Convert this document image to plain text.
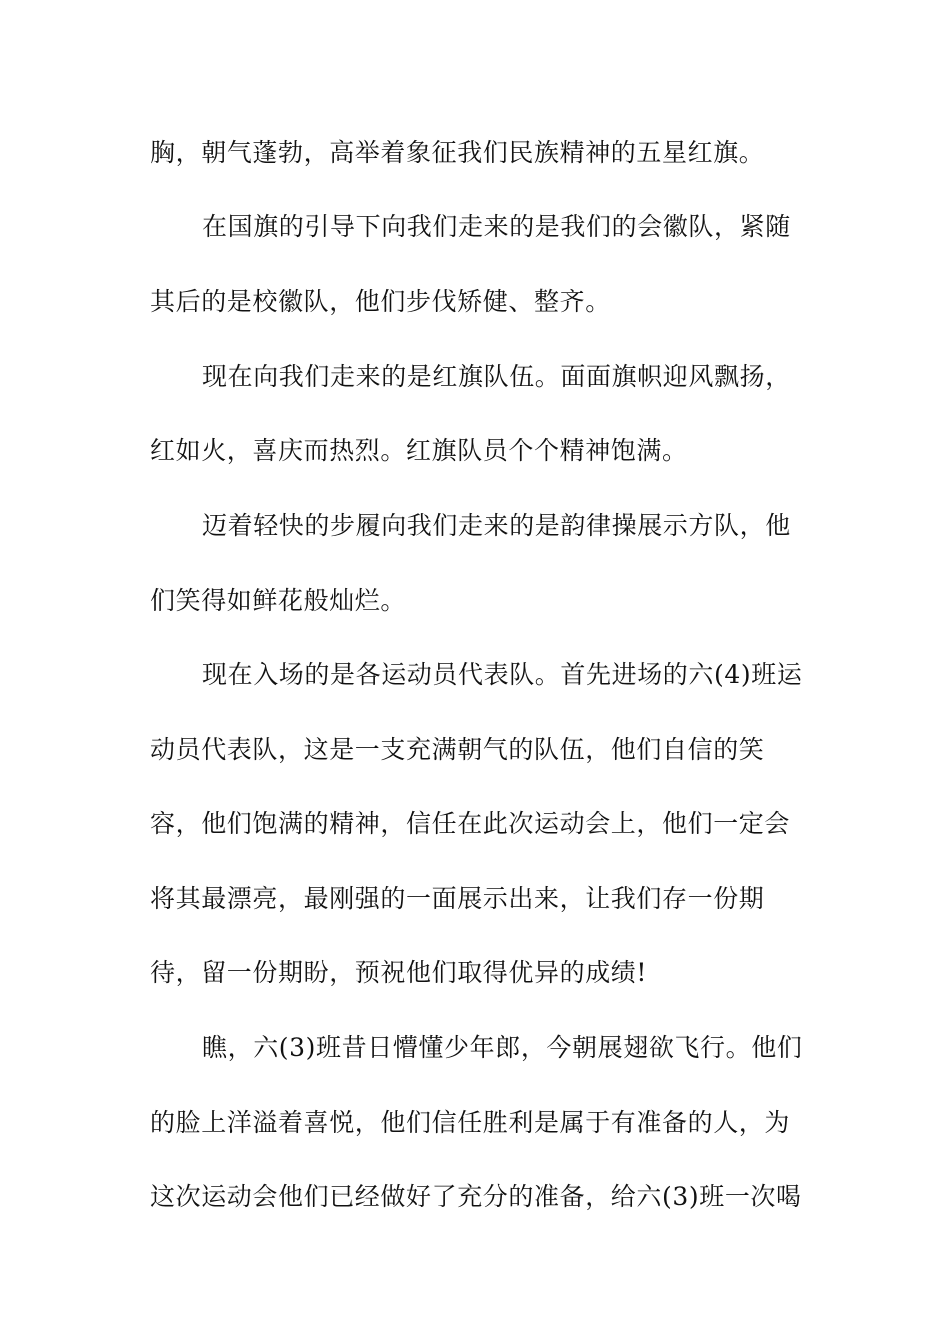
胸，朝气蓬勃，高举着象征我们民族精神的五星红旗。
在国旗的引导下向我们走来的是我们的会徽队，紧随
其后的是校徽队，他们步伐矫健、整齐。
现在向我们走来的是红旗队伍。面面旗帜迎风飘扬，
红如火，喜庆而热烈。红旗队员个个精神饱满。
迈着轻快的步履向我们走来的是韵律操展示方队，他
们笑得如鲜花般灿烂。
现在入场的是各运动员代表队。首先进场的六(4)班运
动员代表队，这是一支充满朝气的队伍，他们自信的笑
容，他们饱满的精神，信任在此次运动会上，他们一定会
将其最漂亮，最刚强的一面展示出来，让我们存一份期
待，留一份期盼，预祝他们取得优异的成绩!
瞧，六(3)班昔日懵懂少年郎，今朝展翅欲飞行。他们
的脸上洋溢着喜悦，他们信任胜利是属于有准备的人，为
这次运动会他们已经做好了充分的准备，给六(3)班一次喝
